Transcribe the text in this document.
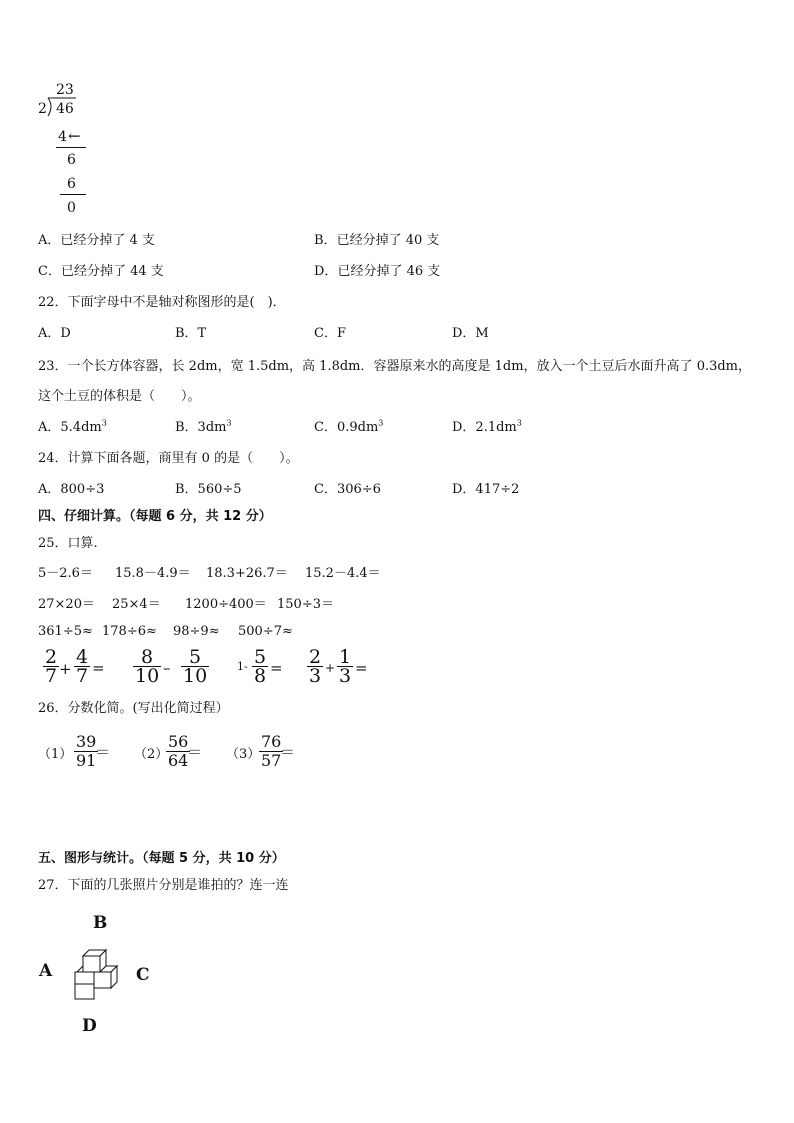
23
2 46
4 ←
6
6
0
A．已经分掉了 4 支	B．已经分掉了 40 支
C．已经分掉了 44 支	D．已经分掉了 46 支
22．下面字母中不是轴对称图形的是(　)．
A．D	B．T	C．F	D．M
23．一个长方体容器，长 2dm，宽 1.5dm，高 1.8dm．容器原来水的高度是 1dm，放入一个土豆后水面升高了 0.3dm，
这个土豆的体积是（　　）。
A．$5.4dm^3$	B．$3dm^3$	C．$0.9dm^3$	D．$2.1dm^3$
24．计算下面各题，商里有 0 的是（　　）。
A．800÷3	B．560÷5	C．306÷6	D．417÷2
四、仔细计算。（每题 6 分，共 12 分）
25．口算.
5－2.6＝ 15.8－4.9＝ 18.3+26.7＝ 15.2－4.4＝
27×20＝ 25×4＝ 1200÷400＝ 150÷3＝
361÷5≈ 178÷6≈ 98÷9≈ 500÷7≈
$\frac{2}{7} + \frac{4}{7} = \frac{8}{10} - \frac{5}{10}$	$1- \frac{5}{8} = \frac{2}{3} + \frac{1}{3}$ =
26．分数化简。(写出化简过程）
$(1) \frac{39}{91}$
＝ （2）
$\frac{56}{64}$
＝ （3）
$\frac{76}{57}$
＝
五、图形与统计。（每题 5 分，共 10 分）
27．下面的几张照片分别是谁拍的？连一连
B
A	C
D
